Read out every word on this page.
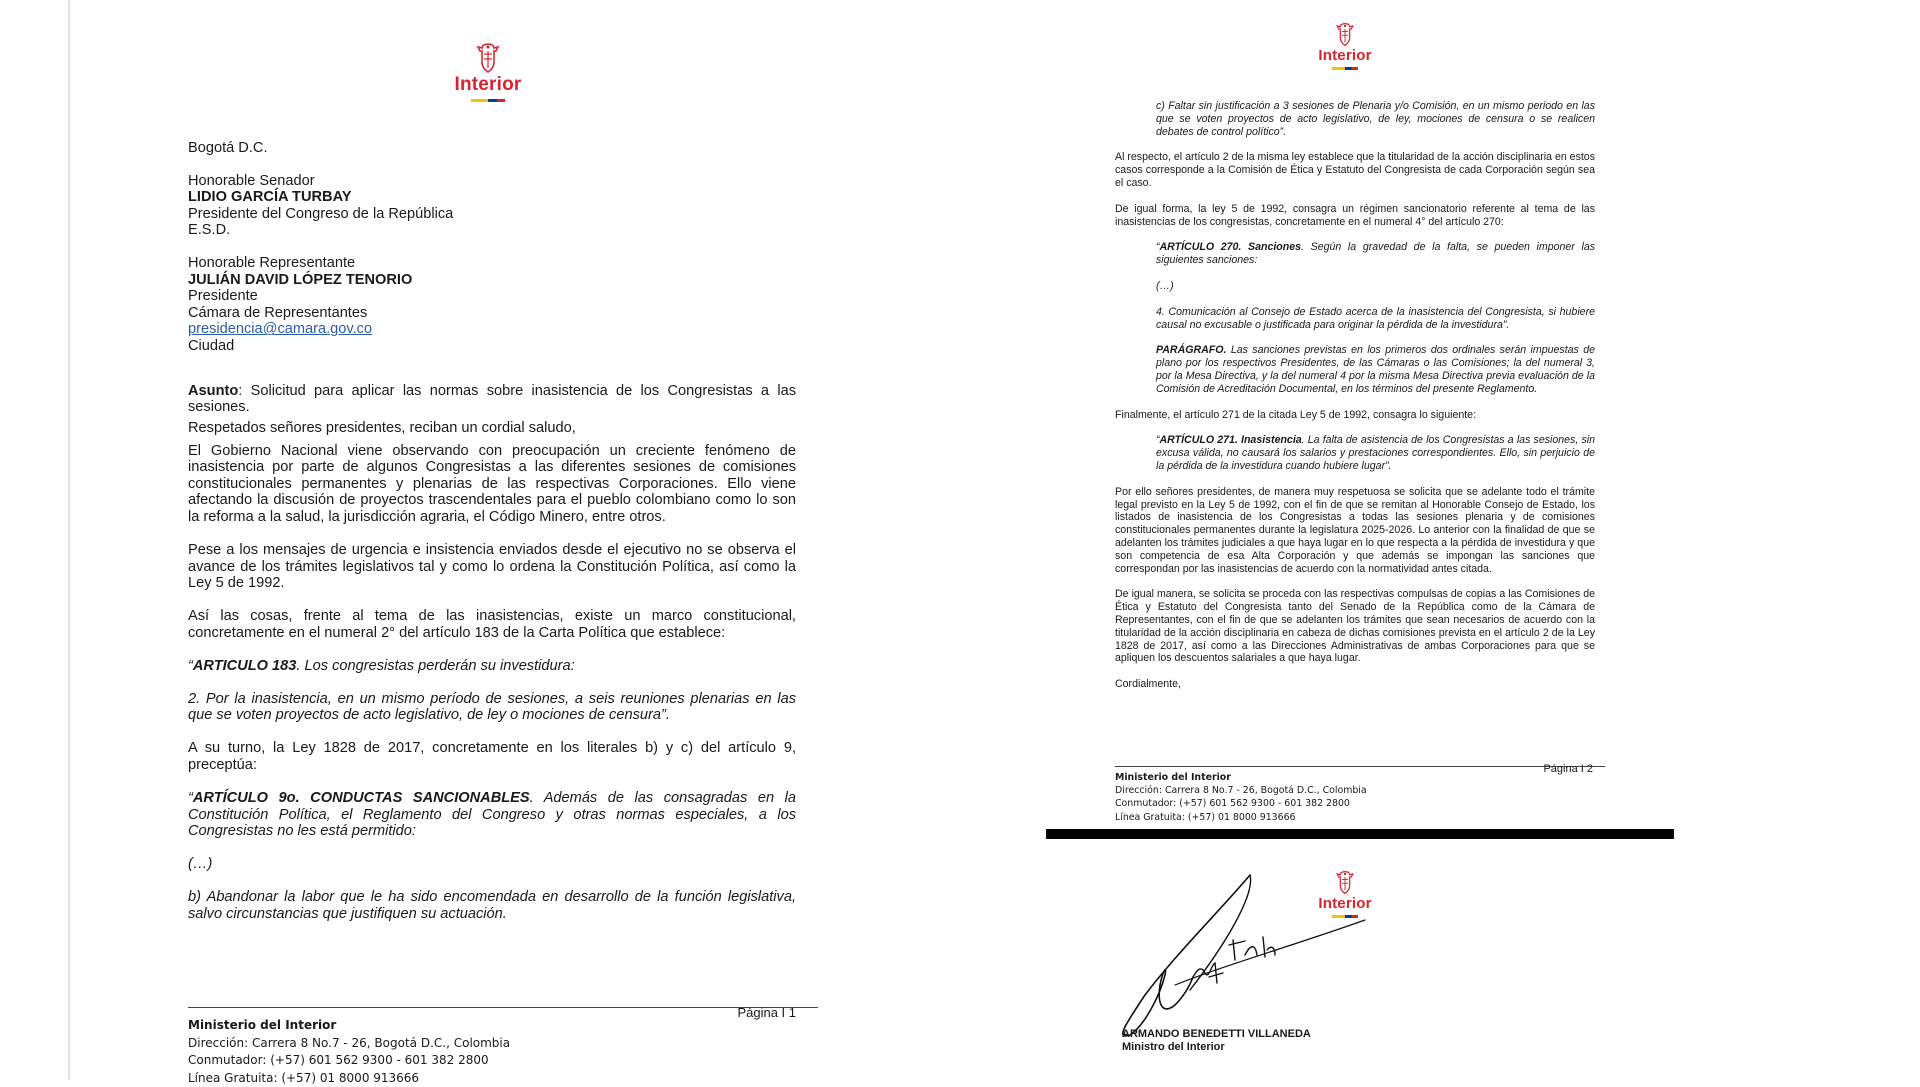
Interior
Bogotá D.C.
Honorable Senador
LIDIO GARCÍA TURBAY
Presidente del Congreso de la República
E.S.D.
Honorable Representante
JULIÁN DAVID LÓPEZ TENORIO
Presidente
Cámara de Representantes
presidencia@camara.gov.co
Ciudad

Asunto: Solicitud para aplicar las normas sobre inasistencia de los Congresistas a las sesiones.

Respetados señores presidentes, reciban un cordial saludo,

El Gobierno Nacional viene observando con preocupación un creciente fenómeno de inasistencia por parte de algunos Congresistas a las diferentes sesiones de comisiones constitucionales permanentes y plenarias de las respectivas Corporaciones. Ello viene afectando la discusión de proyectos trascendentales para el pueblo colombiano como lo son la reforma a la salud, la jurisdicción agraria, el Código Minero, entre otros.

Pese a los mensajes de urgencia e insistencia enviados desde el ejecutivo no se observa el avance de los trámites legislativos tal y como lo ordena la Constitución Política, así como la Ley 5 de 1992.

Así las cosas, frente al tema de las inasistencias, existe un marco constitucional, concretamente en el numeral 2° del artículo 183 de la Carta Política que establece:

“ARTICULO 183. Los congresistas perderán su investidura:

2. Por la inasistencia, en un mismo período de sesiones, a seis reuniones plenarias en las que se voten proyectos de acto legislativo, de ley o mociones de censura”.

A su turno, la Ley 1828 de 2017, concretamente en los literales b) y c) del artículo 9, preceptúa:

“ARTÍCULO 9o. CONDUCTAS SANCIONABLES. Además de las consagradas en la Constitución Política, el Reglamento del Congreso y otras normas especiales, a los Congresistas no les está permitido:

(…)

b) Abandonar la labor que le ha sido encomendada en desarrollo de la función legislativa, salvo circunstancias que justifiquen su actuación.

Página I 1
Ministerio del Interior
Dirección: Carrera 8 No.7 - 26, Bogotá D.C., Colombia
Conmutador: (+57) 601 562 9300 - 601 382 2800
Línea Gratuita: (+57) 01 8000 913666
Interior

c) Faltar sin justificación a 3 sesiones de Plenaria y/o Comisión, en un mismo periodo en las que se voten proyectos de acto legislativo, de ley, mociones de censura o se realicen debates de control político”.

Al respecto, el artículo 2 de la misma ley establece que la titularidad de la acción disciplinaria en estos casos corresponde a la Comisión de Ética y Estatuto del Congresista de cada Corporación según sea el caso.

De igual forma, la ley 5 de 1992, consagra un régimen sancionatorio referente al tema de las inasistencias de los congresistas, concretamente en el numeral 4° del artículo 270:

“ARTÍCULO 270. Sanciones. Según la gravedad de la falta, se pueden imponer las siguientes sanciones:

(…)

4. Comunicación al Consejo de Estado acerca de la inasistencia del Congresista, si hubiere causal no excusable o justificada para originar la pérdida de la investidura”.

PARÁGRAFO. Las sanciones previstas en los primeros dos ordinales serán impuestas de plano por los respectivos Presidentes, de las Cámaras o las Comisiones; la del numeral 3, por la Mesa Directiva, y la del numeral 4 por la misma Mesa Directiva previa evaluación de la Comisión de Acreditación Documental, en los términos del presente Reglamento.

Finalmente, el artículo 271 de la citada Ley 5 de 1992, consagra lo siguiente:

“ARTÍCULO 271. Inasistencia. La falta de asistencia de los Congresistas a las sesiones, sin excusa válida, no causará los salarios y prestaciones correspondientes. Ello, sin perjuicio de la pérdida de la investidura cuando hubiere lugar”.

Por ello señores presidentes, de manera muy respetuosa se solicita que se adelante todo el trámite legal previsto en la Ley 5 de 1992, con el fin de que se remitan al Honorable Consejo de Estado, los listados de inasistencia de los Congresistas a todas las sesiones plenaria y de comisiones constitucionales permanentes durante la legislatura 2025-2026. Lo anterior con la finalidad de que se adelanten los trámites judiciales a que haya lugar en lo que respecta a la pérdida de investidura y que son competencia de esa Alta Corporación y que además se impongan las sanciones que correspondan por las inasistencias de acuerdo con la normatividad antes citada.

De igual manera, se solicita se proceda con las respectivas compulsas de copias a las Comisiones de Ética y Estatuto del Congresista tanto del Senado de la República como de la Cámara de Representantes, con el fin de que se adelanten los trámites que sean necesarios de acuerdo con la titularidad de la acción disciplinaria en cabeza de dichas comisiones prevista en el artículo 2 de la Ley 1828 de 2017, así como a las Direcciones Administrativas de ambas Corporaciones para que se apliquen los descuentos salariales a que haya lugar.

Cordialmente,

Página I 2
Ministerio del Interior
Dirección: Carrera 8 No.7 - 26, Bogotá D.C., Colombia
Conmutador: (+57) 601 562 9300 - 601 382 2800
Línea Gratuita: (+57) 01 8000 913666
Interior
ARMANDO BENEDETTI VILLANEDA
Ministro del Interior
